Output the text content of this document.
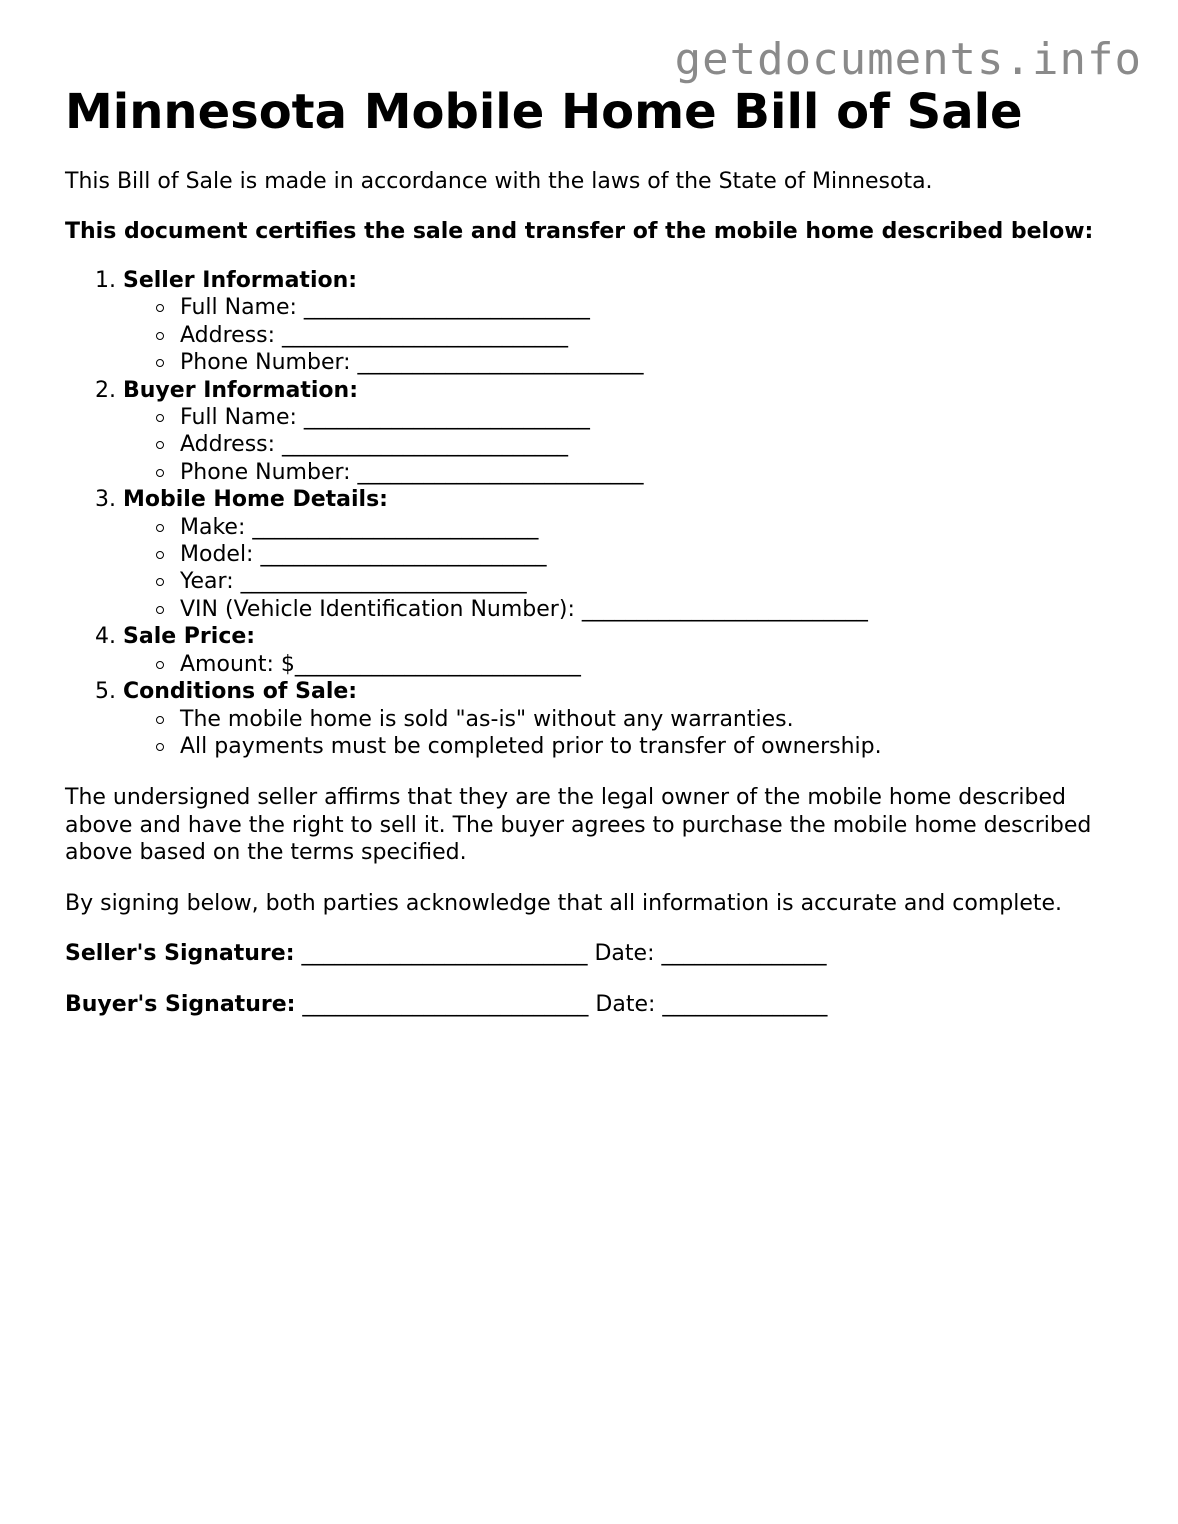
getdocuments.info
Minnesota Mobile Home Bill of Sale

This Bill of Sale is made in accordance with the laws of the State of Minnesota.

This document certifies the sale and transfer of the mobile home described below:

1. Seller Information:
Full Name: __________________________
Address: __________________________
Phone Number: __________________________
2. Buyer Information:
Full Name: __________________________
Address: __________________________
Phone Number: __________________________
3. Mobile Home Details:
Make: __________________________
Model: __________________________
Year: __________________________
VIN (Vehicle Identification Number): __________________________
4. Sale Price:
Amount: $__________________________
5. Conditions of Sale:
The mobile home is sold "as-is" without any warranties.
All payments must be completed prior to transfer of ownership.

The undersigned seller affirms that they are the legal owner of the mobile home described above and have the right to sell it. The buyer agrees to purchase the mobile home described above based on the terms specified.

By signing below, both parties acknowledge that all information is accurate and complete.

Seller's Signature: __________________________ Date: _______________

Buyer's Signature: __________________________ Date: _______________
